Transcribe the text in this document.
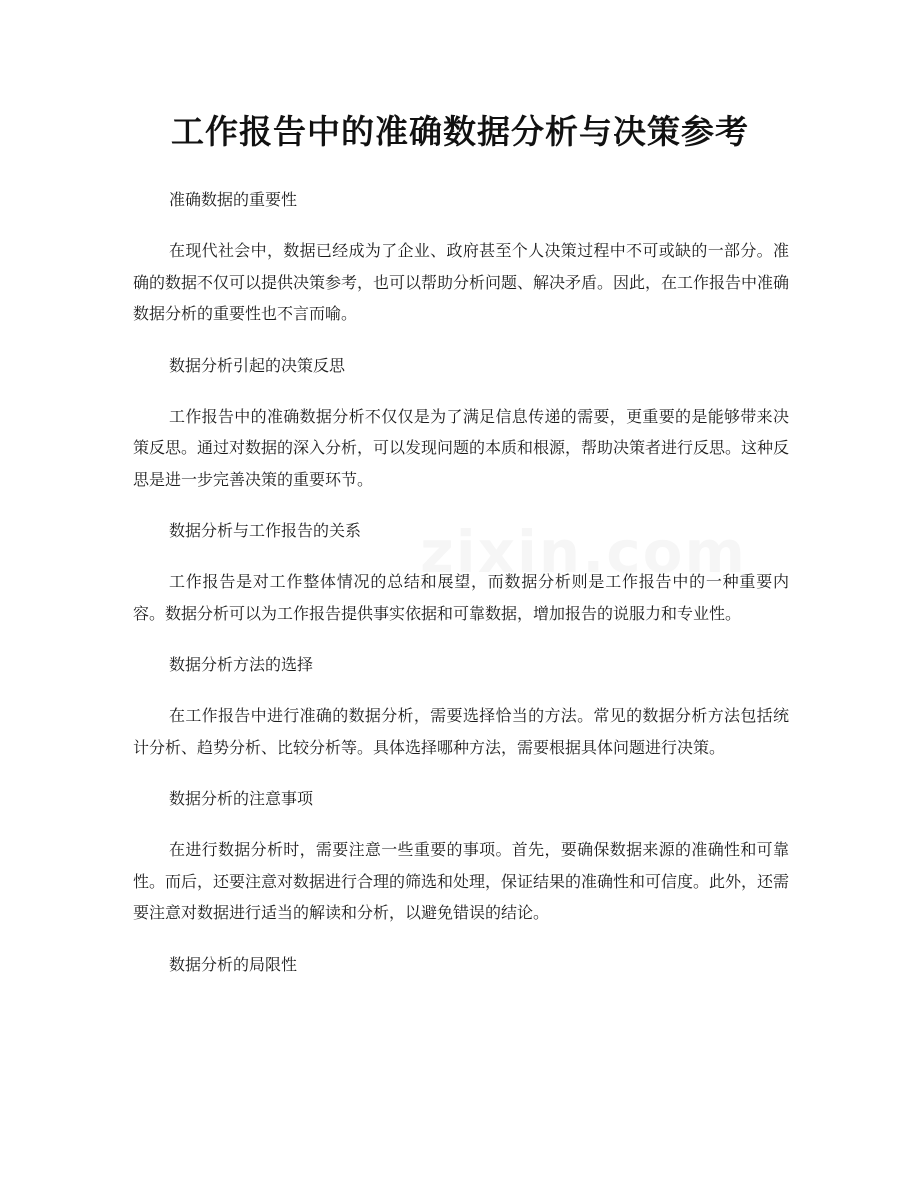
工作报告中的准确数据分析与决策参考

准确数据的重要性

在现代社会中，数据已经成为了企业、政府甚至个人决策过程中不可或缺的一部分。准确的数据不仅可以提供决策参考，也可以帮助分析问题、解决矛盾。因此，在工作报告中准确数据分析的重要性也不言而喻。

数据分析引起的决策反思

工作报告中的准确数据分析不仅仅是为了满足信息传递的需要，更重要的是能够带来决策反思。通过对数据的深入分析，可以发现问题的本质和根源，帮助决策者进行反思。这种反思是进一步完善决策的重要环节。

数据分析与工作报告的关系

工作报告是对工作整体情况的总结和展望，而数据分析则是工作报告中的一种重要内容。数据分析可以为工作报告提供事实依据和可靠数据，增加报告的说服力和专业性。

数据分析方法的选择

在工作报告中进行准确的数据分析，需要选择恰当的方法。常见的数据分析方法包括统计分析、趋势分析、比较分析等。具体选择哪种方法，需要根据具体问题进行决策。

数据分析的注意事项

在进行数据分析时，需要注意一些重要的事项。首先，要确保数据来源的准确性和可靠性。而后，还要注意对数据进行合理的筛选和处理，保证结果的准确性和可信度。此外，还需要注意对数据进行适当的解读和分析，以避免错误的结论。

数据分析的局限性
